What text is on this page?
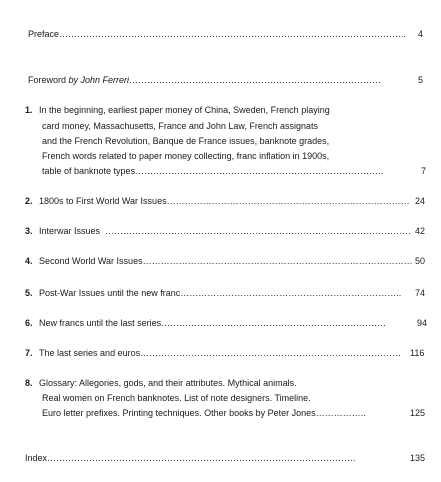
Preface…………………………………………………………………………………………………….. 4
Foreword by John Ferreri…………………………………………………………………………	5
1. In the beginning, earliest paper money of China, Sweden, French playing
card money, Massachusetts, France and John Law, French assignats
and the French Revolution, Banque de France issues, banknote grades,
French words related to paper money collecting, franc inflation in 1900s,
table of banknote types………………………………………………………………………..	7
2. 1800s to First World War Issues……………………………………………………………………… 24
3. Interwar Issues ………………………………………………………………………………………… 42
4. Second World War Issues……………………………………………………………………………… 50
5. Post-War Issues until the new franc……………………………………………………………….. 74
6. New francs until the last series…………………………………………………………………	94
7. The last series and euros…………………………………………………………………………… 116
8. Glossary: Allegories, gods, and their attributes. Mythical animals.
Real women on French banknotes. List of note designers. Timeline.
Euro letter prefixes. Printing techniques. Other books by Peter Jones……………..	125
Index………………………………………………………………………………………….	135
